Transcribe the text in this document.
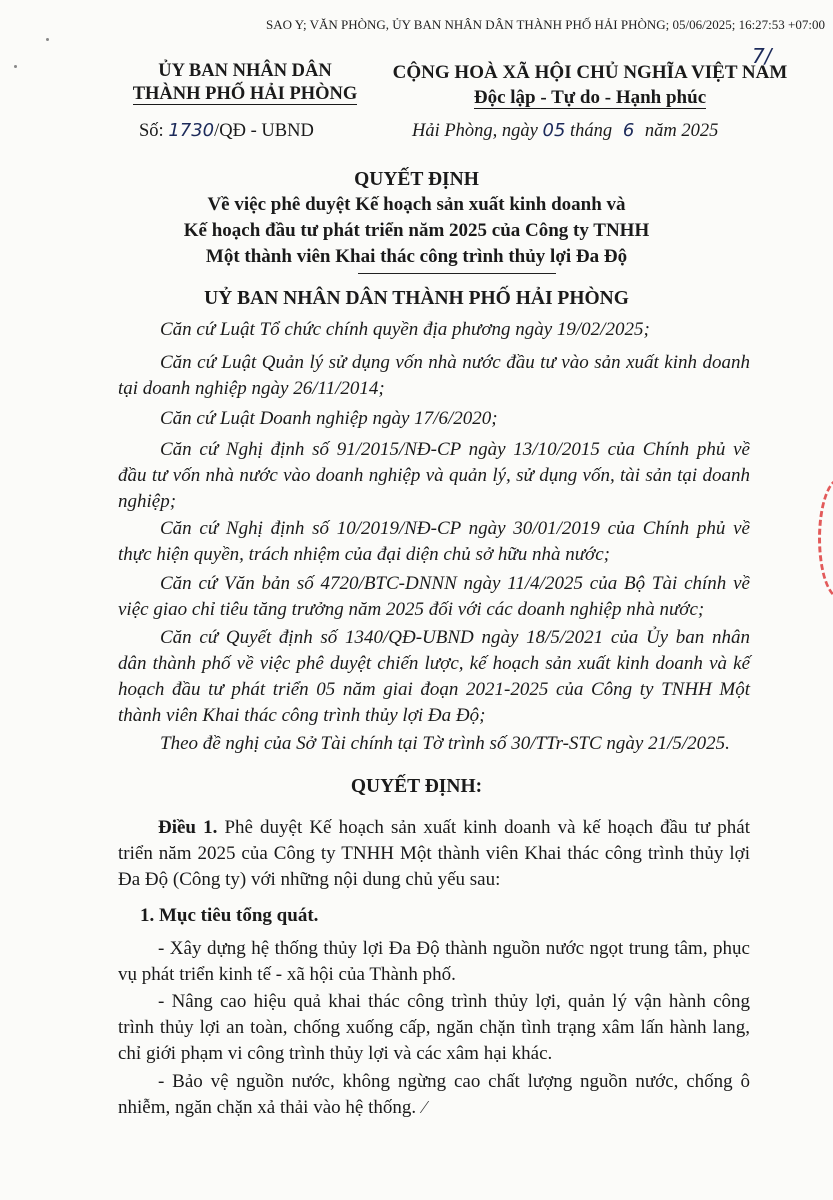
SAO Y; VĂN PHÒNG, ỦY BAN NHÂN DÂN THÀNH PHỐ HẢI PHÒNG; 05/06/2025; 16:27:53 +07:00
ỦY BAN NHÂN DÂN
THÀNH PHỐ HẢI PHÒNG
CỘNG HOÀ XÃ HỘI CHỦ NGHĨA VIỆT NAM
Độc lập - Tự do - Hạnh phúc
7/
Số: 1730/QĐ - UBND	Hải Phòng, ngày 05 tháng 6 năm 2025
QUYẾT ĐỊNH
Về việc phê duyệt Kế hoạch sản xuất kinh doanh và
Kế hoạch đầu tư phát triển năm 2025 của Công ty TNHH
Một thành viên Khai thác công trình thủy lợi Đa Độ
UỶ BAN NHÂN DÂN THÀNH PHỐ HẢI PHÒNG
Căn cứ Luật Tổ chức chính quyền địa phương ngày 19/02/2025;
Căn cứ Luật Quản lý sử dụng vốn nhà nước đầu tư vào sản xuất kinh doanh tại doanh nghiệp ngày 26/11/2014;
Căn cứ Luật Doanh nghiệp ngày 17/6/2020;
Căn cứ Nghị định số 91/2015/NĐ-CP ngày 13/10/2015 của Chính phủ về đầu tư vốn nhà nước vào doanh nghiệp và quản lý, sử dụng vốn, tài sản tại doanh nghiệp;
Căn cứ Nghị định số 10/2019/NĐ-CP ngày 30/01/2019 của Chính phủ về thực hiện quyền, trách nhiệm của đại diện chủ sở hữu nhà nước;
Căn cứ Văn bản số 4720/BTC-DNNN ngày 11/4/2025 của Bộ Tài chính về việc giao chỉ tiêu tăng trưởng năm 2025 đối với các doanh nghiệp nhà nước;
Căn cứ Quyết định số 1340/QĐ-UBND ngày 18/5/2021 của Ủy ban nhân dân thành phố về việc phê duyệt chiến lược, kế hoạch sản xuất kinh doanh và kế hoạch đầu tư phát triển 05 năm giai đoạn 2021-2025 của Công ty TNHH Một thành viên Khai thác công trình thủy lợi Đa Độ;
Theo đề nghị của Sở Tài chính tại Tờ trình số 30/TTr-STC ngày 21/5/2025.
QUYẾT ĐỊNH:
Điều 1. Phê duyệt Kế hoạch sản xuất kinh doanh và kế hoạch đầu tư phát triển năm 2025 của Công ty TNHH Một thành viên Khai thác công trình thủy lợi Đa Độ (Công ty) với những nội dung chủ yếu sau:
1. Mục tiêu tổng quát.
- Xây dựng hệ thống thủy lợi Đa Độ thành nguồn nước ngọt trung tâm, phục vụ phát triển kinh tế - xã hội của Thành phố.
- Nâng cao hiệu quả khai thác công trình thủy lợi, quản lý vận hành công trình thủy lợi an toàn, chống xuống cấp, ngăn chặn tình trạng xâm lấn hành lang, chỉ giới phạm vi công trình thủy lợi và các xâm hại khác.
- Bảo vệ nguồn nước, không ngừng cao chất lượng nguồn nước, chống ô nhiễm, ngăn chặn xả thải vào hệ thống. ⁄
